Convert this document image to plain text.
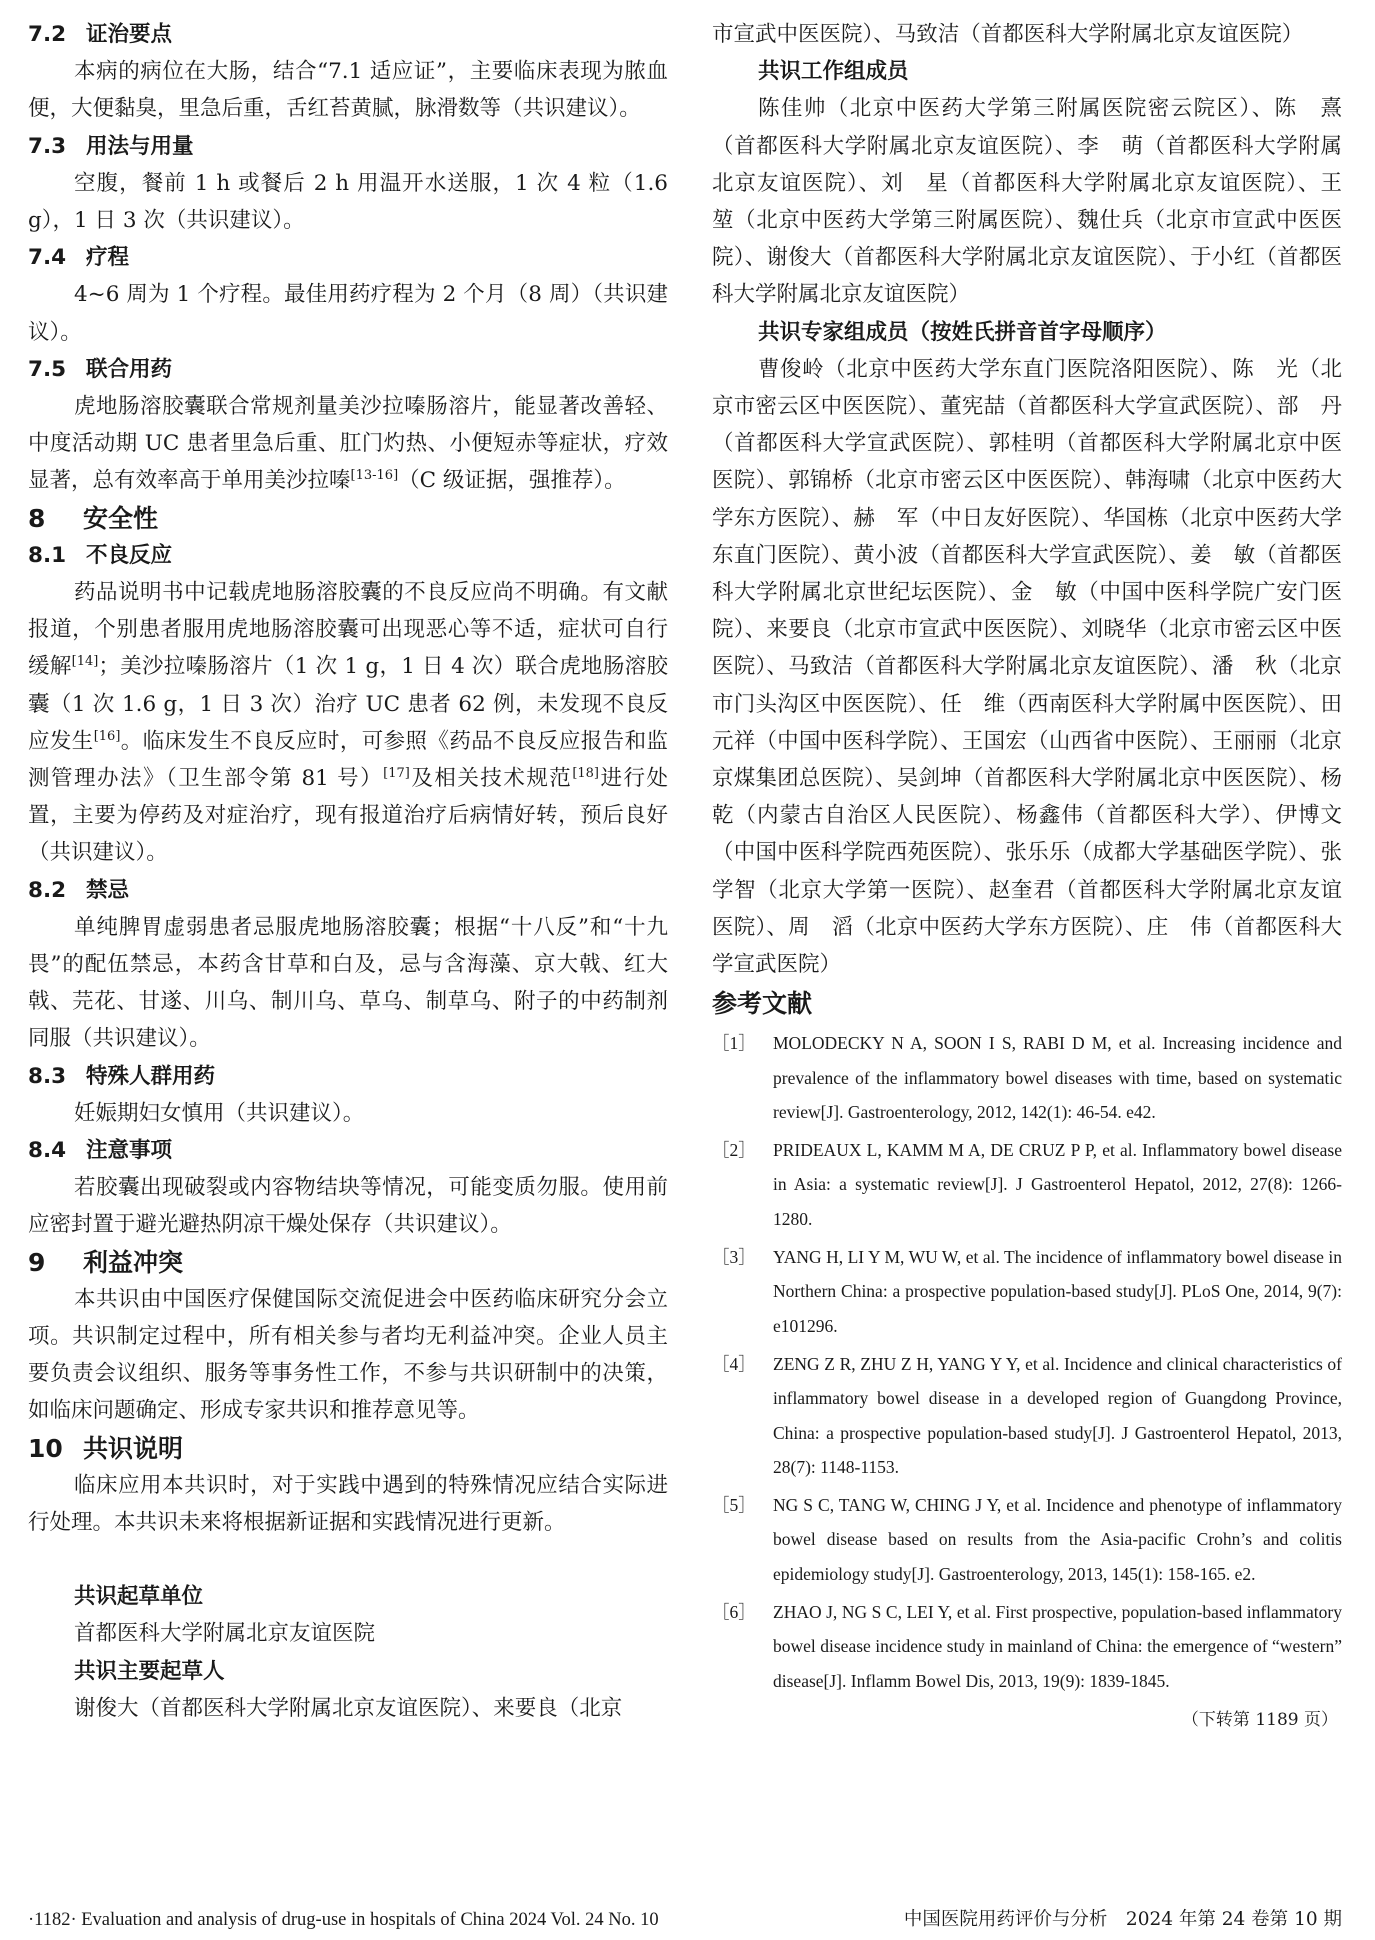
7.2 证治要点
本病的病位在大肠，结合“7.1 适应证”，主要临床表现为脓血便，大便黏臭，里急后重，舌红苔黄腻，脉滑数等（共识建议）。
7.3 用法与用量
空腹，餐前 1 h 或餐后 2 h 用温开水送服，1 次 4 粒（1.6 g），1 日 3 次（共识建议）。
7.4 疗程
4~6 周为 1 个疗程。最佳用药疗程为 2 个月（8 周）（共识建议）。
7.5 联合用药
虎地肠溶胶囊联合常规剂量美沙拉嗪肠溶片，能显著改善轻、中度活动期 UC 患者里急后重、肛门灼热、小便短赤等症状，疗效显著，总有效率高于单用美沙拉嗪[13-16]（C 级证据，强推荐）。
8 安全性
8.1 不良反应
药品说明书中记载虎地肠溶胶囊的不良反应尚不明确。有文献报道，个别患者服用虎地肠溶胶囊可出现恶心等不适，症状可自行缓解[14]；美沙拉嗪肠溶片（1 次 1 g，1 日 4 次）联合虎地肠溶胶囊（1 次 1.6 g，1 日 3 次）治疗 UC 患者 62 例，未发现不良反应发生[16]。临床发生不良反应时，可参照《药品不良反应报告和监测管理办法》（卫生部令第 81 号）[17]及相关技术规范[18]进行处置，主要为停药及对症治疗，现有报道治疗后病情好转，预后良好（共识建议）。
8.2 禁忌
单纯脾胃虚弱患者忌服虎地肠溶胶囊；根据“十八反”和“十九畏”的配伍禁忌，本药含甘草和白及，忌与含海藻、京大戟、红大戟、芫花、甘遂、川乌、制川乌、草乌、制草乌、附子的中药制剂同服（共识建议）。
8.3 特殊人群用药
妊娠期妇女慎用（共识建议）。
8.4 注意事项
若胶囊出现破裂或内容物结块等情况，可能变质勿服。使用前应密封置于避光避热阴凉干燥处保存（共识建议）。
9 利益冲突
本共识由中国医疗保健国际交流促进会中医药临床研究分会立项。共识制定过程中，所有相关参与者均无利益冲突。企业人员主要负责会议组织、服务等事务性工作，不参与共识研制中的决策，如临床问题确定、形成专家共识和推荐意见等。
10 共识说明
临床应用本共识时，对于实践中遇到的特殊情况应结合实际进行处理。本共识未来将根据新证据和实践情况进行更新。
共识起草单位
首都医科大学附属北京友谊医院
共识主要起草人
谢俊大（首都医科大学附属北京友谊医院）、来要良（北京
市宣武中医医院）、马致洁（首都医科大学附属北京友谊医院）
共识工作组成员
陈佳帅（北京中医药大学第三附属医院密云院区）、陈　熹（首都医科大学附属北京友谊医院）、李　萌（首都医科大学附属北京友谊医院）、刘　星（首都医科大学附属北京友谊医院）、王　堃（北京中医药大学第三附属医院）、魏仕兵（北京市宣武中医医院）、谢俊大（首都医科大学附属北京友谊医院）、于小红（首都医科大学附属北京友谊医院）
共识专家组成员（按姓氏拼音首字母顺序）
曹俊岭（北京中医药大学东直门医院洛阳医院）、陈　光（北京市密云区中医医院）、董宪喆（首都医科大学宣武医院）、部　丹（首都医科大学宣武医院）、郭桂明（首都医科大学附属北京中医医院）、郭锦桥（北京市密云区中医医院）、韩海啸（北京中医药大学东方医院）、赫　军（中日友好医院）、华国栋（北京中医药大学东直门医院）、黄小波（首都医科大学宣武医院）、姜　敏（首都医科大学附属北京世纪坛医院）、金　敏（中国中医科学院广安门医院）、来要良（北京市宣武中医医院）、刘晓华（北京市密云区中医医院）、马致洁（首都医科大学附属北京友谊医院）、潘　秋（北京市门头沟区中医医院）、任　维（西南医科大学附属中医医院）、田元祥（中国中医科学院）、王国宏（山西省中医院）、王丽丽（北京京煤集团总医院）、吴剑坤（首都医科大学附属北京中医医院）、杨　乾（内蒙古自治区人民医院）、杨鑫伟（首都医科大学）、伊博文（中国中医科学院西苑医院）、张乐乐（成都大学基础医学院）、张学智（北京大学第一医院）、赵奎君（首都医科大学附属北京友谊医院）、周　滔（北京中医药大学东方医院）、庄　伟（首都医科大学宣武医院）
参考文献
［1］ MOLODECKY N A, SOON I S, RABI D M, et al. Increasing incidence and prevalence of the inflammatory bowel diseases with time, based on systematic review[J]. Gastroenterology, 2012, 142(1): 46-54. e42.
［2］ PRIDEAUX L, KAMM M A, DE CRUZ P P, et al. Inflammatory bowel disease in Asia: a systematic review[J]. J Gastroenterol Hepatol, 2012, 27(8): 1266-1280.
［3］ YANG H, LI Y M, WU W, et al. The incidence of inflammatory bowel disease in Northern China: a prospective population-based study[J]. PLoS One, 2014, 9(7): e101296.
［4］ ZENG Z R, ZHU Z H, YANG Y Y, et al. Incidence and clinical characteristics of inflammatory bowel disease in a developed region of Guangdong Province, China: a prospective population-based study[J]. J Gastroenterol Hepatol, 2013, 28(7): 1148-1153.
［5］ NG S C, TANG W, CHING J Y, et al. Incidence and phenotype of inflammatory bowel disease based on results from the Asia-pacific Crohn’s and colitis epidemiology study[J]. Gastroenterology, 2013, 145(1): 158-165. e2.
［6］ ZHAO J, NG S C, LEI Y, et al. First prospective, population-based inflammatory bowel disease incidence study in mainland of China: the emergence of “western” disease[J]. Inflamm Bowel Dis, 2013, 19(9): 1839-1845.
（下转第 1189 页）
·1182· Evaluation and analysis of drug-use in hospitals of China 2024 Vol. 24 No. 10	中国医院用药评价与分析　2024 年第 24 卷第 10 期
